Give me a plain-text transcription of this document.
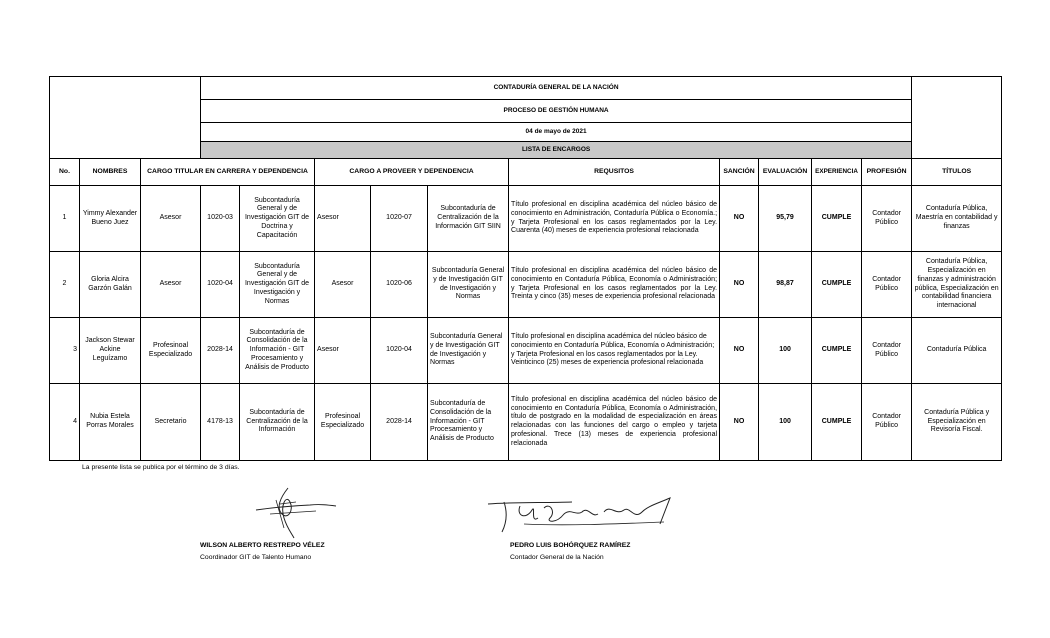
			CONTADURÍA GENERAL DE LA NACIÓN										
			PROCESO DE GESTIÓN HUMANA										
			04 de mayo de 2021										
			LISTA DE ENCARGOS										
No.	NOMBRES	CARGO TITULAR EN CARRERA Y DEPENDENCIA			CARGO A PROVEER Y DEPENDENCIA			REQUSITOS	SANCIÓN	EVALUACIÓN	EXPERIENCIA	PROFESIÓN	TÍTULOS
1	Yimmy Alexander Bueno Juez	Asesor	1020-03	Subcontaduría General y de Investigación GIT de Doctrina y Capacitación	Asesor	1020-07	Subcontaduría de Centralización de la Información GIT SIIN	Título profesional en disciplina académica del núcleo básico de conocimiento en Administración, Contaduría Pública o Economía.; y Tarjeta Profesional en los casos reglamentados por la Ley. Cuarenta (40) meses de experiencia profesional relacionada	NO	95,79	CUMPLE	Contador Público	Contaduría Pública, Maestría en contabilidad y finanzas
2	Gloria Alcira Garzón Galán	Asesor	1020-04	Subcontaduría General y de Investigación GIT de Investigación y Normas	Asesor	1020-06	Subcontaduría General y de Investigación GIT de Investigación y Normas	Título profesional en disciplina académica del núcleo básico de conocimiento en Contaduría Pública, Economía o Administración; y Tarjeta Profesional en los casos reglamentados por la Ley. Treinta y cinco (35) meses de experiencia profesional relacionada	NO	98,87	CUMPLE	Contador Público	Contaduría Pública, Especialización en finanzas y administración pública, Especialización en contabilidad financiera internacional
3	Jackson Stewar Ackine Leguízamo	Profesinoal Especializado	2028-14	Subcontaduría de Consolidación de la Información - GIT Procesamiento y Análisis de Producto	Asesor	1020-04	Subcontaduría General y de Investigación GIT de Investigación y Normas	Título profesional en disciplina académica del núcleo básico de conocimiento en Contaduría Pública, Economía o Administración; y Tarjeta Profesional en los casos reglamentados por la Ley. Veinticinco (25) meses de experiencia profesional relacionada	NO	100	CUMPLE	Contador Público	Contaduría Pública
4	Nubia Estela Porras Morales	Secretario	4178-13	Subcontaduría de Centralización de la Información	Profesinoal Especializado	2028-14	Subcontaduría de Consolidación de la Información - GIT Procesamiento y Análisis de Producto	Título profesional en disciplina académica del núcleo básico de conocimiento en Contaduría Pública, Economía o Administración, título de postgrado en la modalidad de especialización en áreas relacionadas con las funciones del cargo o empleo y tarjeta profesional. Trece (13) meses de experiencia profesional relacionada	NO	100	CUMPLE	Contador Público	Contaduría Pública y Especialización en Revisoría Fiscal.
La presente lista se publica por el término de 3 días.
WILSON ALBERTO RESTREPO VÉLEZ
Coordinador GIT de Talento Humano
PEDRO LUIS BOHÓRQUEZ RAMÍREZ
Contador General de la Nación
